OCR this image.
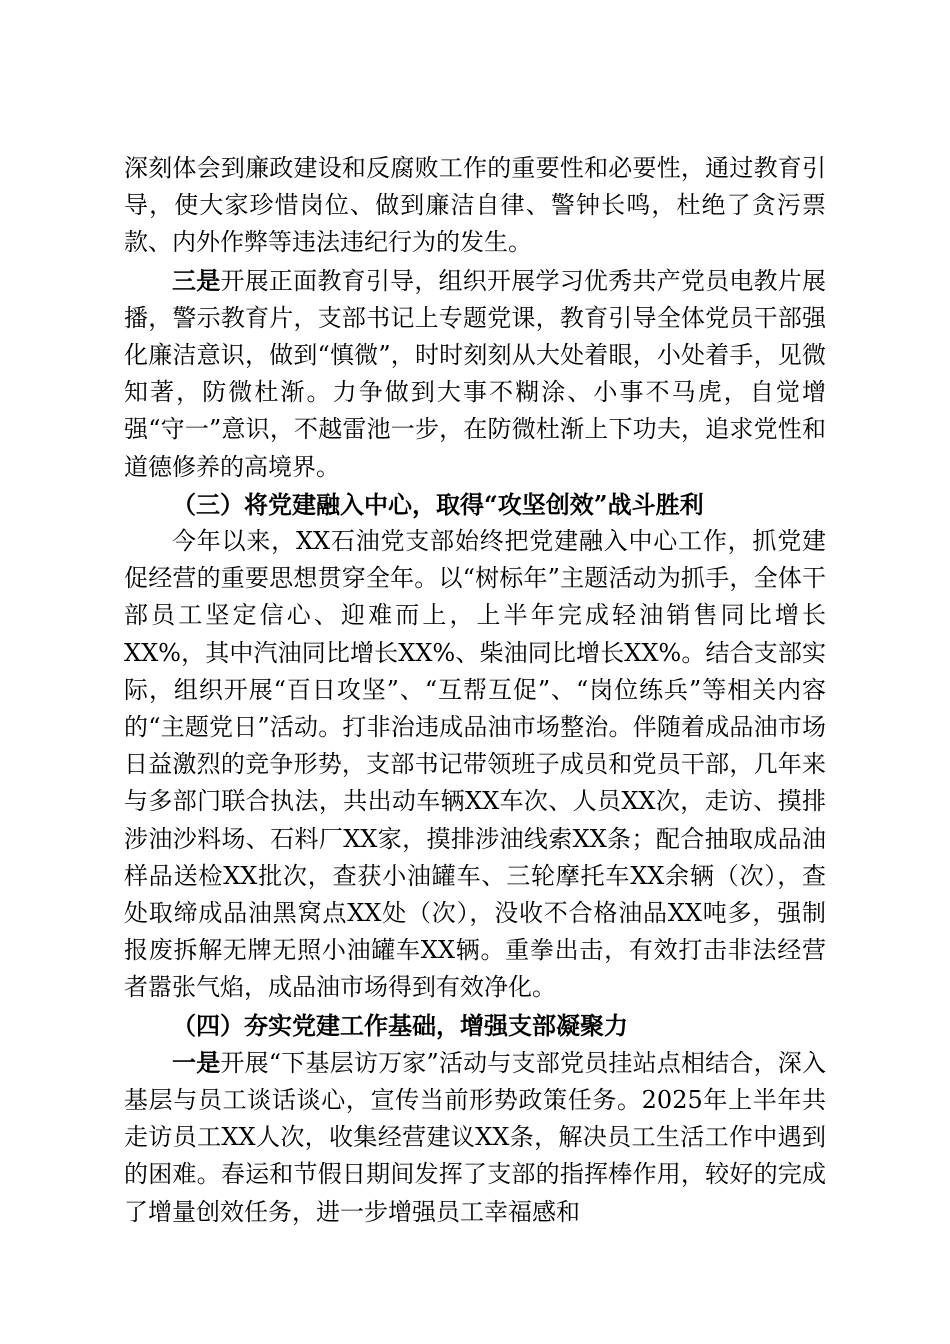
深刻体会到廉政建设和反腐败工作的重要性和必要性，通过教育引导，使大家珍惜岗位、做到廉洁自律、警钟长鸣，杜绝了贪污票款、内外作弊等违法违纪行为的发生。

三是开展正面教育引导，组织开展学习优秀共产党员电教片展播，警示教育片，支部书记上专题党课，教育引导全体党员干部强化廉洁意识，做到“慎微”，时时刻刻从大处着眼，小处着手，见微知著，防微杜渐。力争做到大事不糊涂、小事不马虎，自觉增强“守一”意识，不越雷池一步，在防微杜渐上下功夫，追求党性和道德修养的高境界。

（三）将党建融入中心，取得“攻坚创效”战斗胜利

今年以来，XX石油党支部始终把党建融入中心工作，抓党建促经营的重要思想贯穿全年。以“树标年”主题活动为抓手，全体干部员工坚定信心、迎难而上，上半年完成轻油销售同比增长XX%，其中汽油同比增长XX%、柴油同比增长XX%。结合支部实际，组织开展“百日攻坚”、“互帮互促”、“岗位练兵”等相关内容的“主题党日”活动。打非治违成品油市场整治。伴随着成品油市场日益激烈的竞争形势，支部书记带领班子成员和党员干部，几年来与多部门联合执法，共出动车辆XX车次、人员XX次，走访、摸排涉油沙料场、石料厂XX家，摸排涉油线索XX条；配合抽取成品油样品送检XX批次，查获小油罐车、三轮摩托车XX余辆（次），查处取缔成品油黑窝点XX处（次），没收不合格油品XX吨多，强制报废拆解无牌无照小油罐车XX辆。重拳出击，有效打击非法经营者嚣张气焰，成品油市场得到有效净化。

（四）夯实党建工作基础，增强支部凝聚力

一是开展“下基层访万家”活动与支部党员挂站点相结合，深入基层与员工谈话谈心，宣传当前形势政策任务。2025年上半年共走访员工XX人次，收集经营建议XX条，解决员工生活工作中遇到的困难。春运和节假日期间发挥了支部的指挥棒作用，较好的完成了增量创效任务，进一步增强员工幸福感和
